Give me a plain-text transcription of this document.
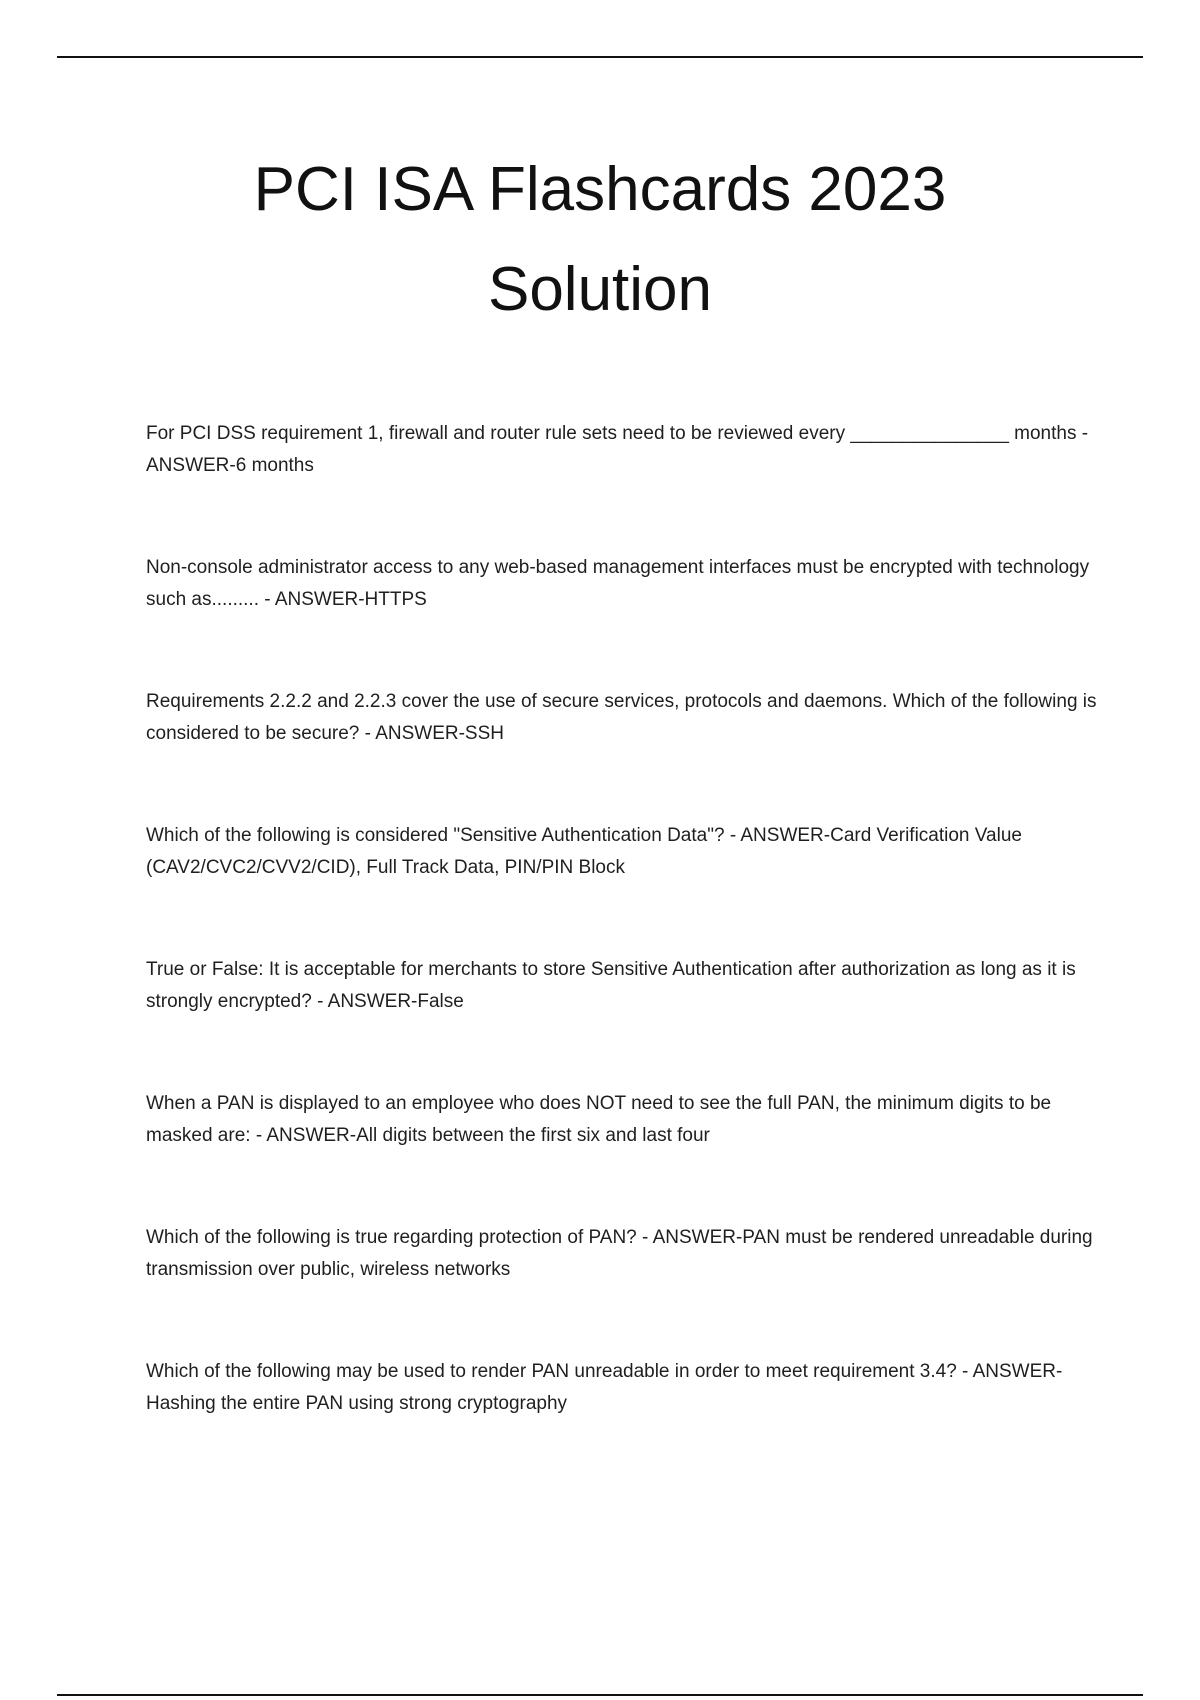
PCI ISA Flashcards 2023
Solution
For PCI DSS requirement 1, firewall and router rule sets need to be reviewed every _______________ months - ANSWER-6 months
Non-console administrator access to any web-based management interfaces must be encrypted with technology such as......... - ANSWER-HTTPS
Requirements 2.2.2 and 2.2.3 cover the use of secure services, protocols and daemons. Which of the following is considered to be secure? - ANSWER-SSH
Which of the following is considered "Sensitive Authentication Data"? - ANSWER-Card Verification Value (CAV2/CVC2/CVV2/CID), Full Track Data, PIN/PIN Block
True or False: It is acceptable for merchants to store Sensitive Authentication after authorization as long as it is strongly encrypted? - ANSWER-False
When a PAN is displayed to an employee who does NOT need to see the full PAN, the minimum digits to be masked are: - ANSWER-All digits between the first six and last four
Which of the following is true regarding protection of PAN? - ANSWER-PAN must be rendered unreadable during transmission over public, wireless networks
Which of the following may be used to render PAN unreadable in order to meet requirement 3.4? - ANSWER-Hashing the entire PAN using strong cryptography
